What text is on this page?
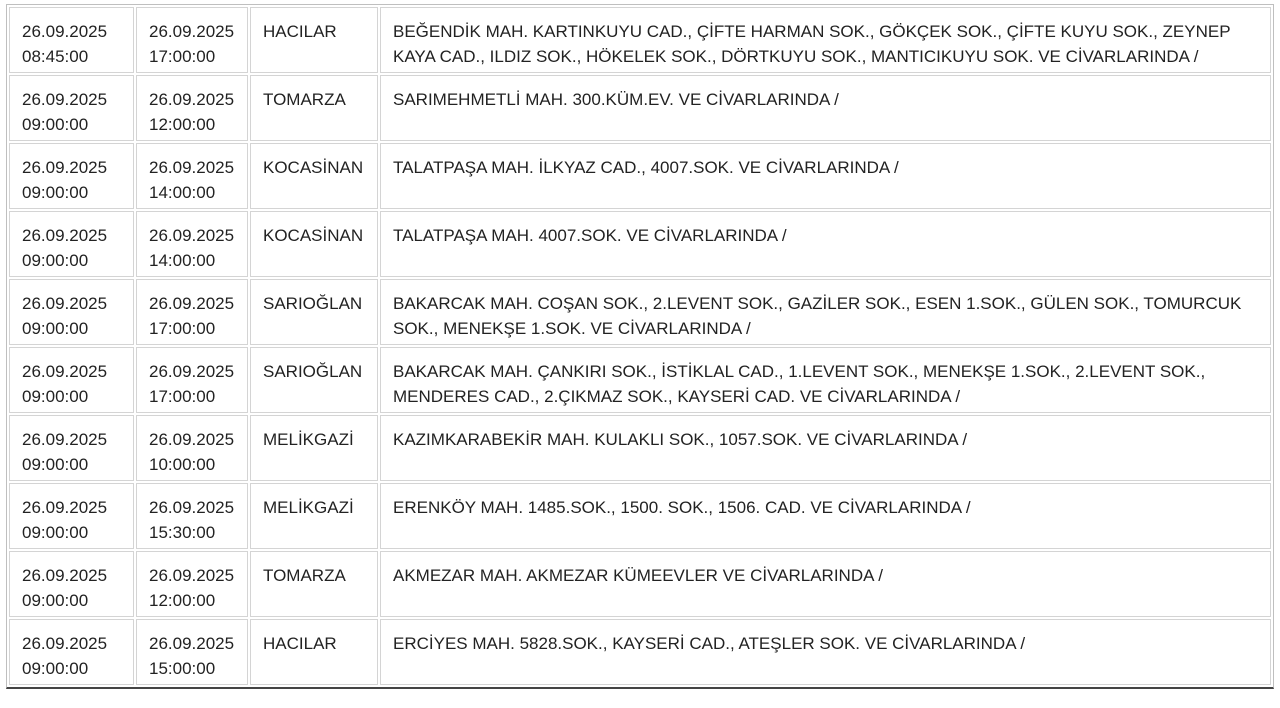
26.09.2025
08:45:00	26.09.2025
17:00:00	HACILAR	BEĞENDİK MAH. KARTINKUYU CAD., ÇİFTE HARMAN SOK., GÖKÇEK SOK., ÇİFTE KUYU SOK., ZEYNEP KAYA CAD., ILDIZ SOK., HÖKELEK SOK., DÖRTKUYU SOK., MANTICIKUYU SOK. VE CİVARLARINDA /

26.09.2025
09:00:00	26.09.2025
12:00:00	TOMARZA	SARIMEHMETLİ MAH. 300.KÜM.EV. VE CİVARLARINDA /

26.09.2025
09:00:00	26.09.2025
14:00:00	KOCASİNAN	TALATPAŞA MAH. İLKYAZ CAD., 4007.SOK. VE CİVARLARINDA /

26.09.2025
09:00:00	26.09.2025
14:00:00	KOCASİNAN	TALATPAŞA MAH. 4007.SOK. VE CİVARLARINDA /

26.09.2025
09:00:00	26.09.2025
17:00:00	SARIOĞLAN	BAKARCAK MAH. COŞAN SOK., 2.LEVENT SOK., GAZİLER SOK., ESEN 1.SOK., GÜLEN SOK., TOMURCUK SOK., MENEKŞE 1.SOK. VE CİVARLARINDA /

26.09.2025
09:00:00	26.09.2025
17:00:00	SARIOĞLAN	BAKARCAK MAH. ÇANKIRI SOK., İSTİKLAL CAD., 1.LEVENT SOK., MENEKŞE 1.SOK., 2.LEVENT SOK., MENDERES CAD., 2.ÇIKMAZ SOK., KAYSERİ CAD. VE CİVARLARINDA /

26.09.2025
09:00:00	26.09.2025
10:00:00	MELİKGAZİ	KAZIMKARABEKİR MAH. KULAKLI SOK., 1057.SOK. VE CİVARLARINDA /

26.09.2025
09:00:00	26.09.2025
15:30:00	MELİKGAZİ	ERENKÖY MAH. 1485.SOK., 1500. SOK., 1506. CAD. VE CİVARLARINDA /

26.09.2025
09:00:00	26.09.2025
12:00:00	TOMARZA	AKMEZAR MAH. AKMEZAR KÜMEEVLER VE CİVARLARINDA /

26.09.2025
09:00:00	26.09.2025
15:00:00	HACILAR	ERCİYES MAH. 5828.SOK., KAYSERİ CAD., ATEŞLER SOK. VE CİVARLARINDA /
